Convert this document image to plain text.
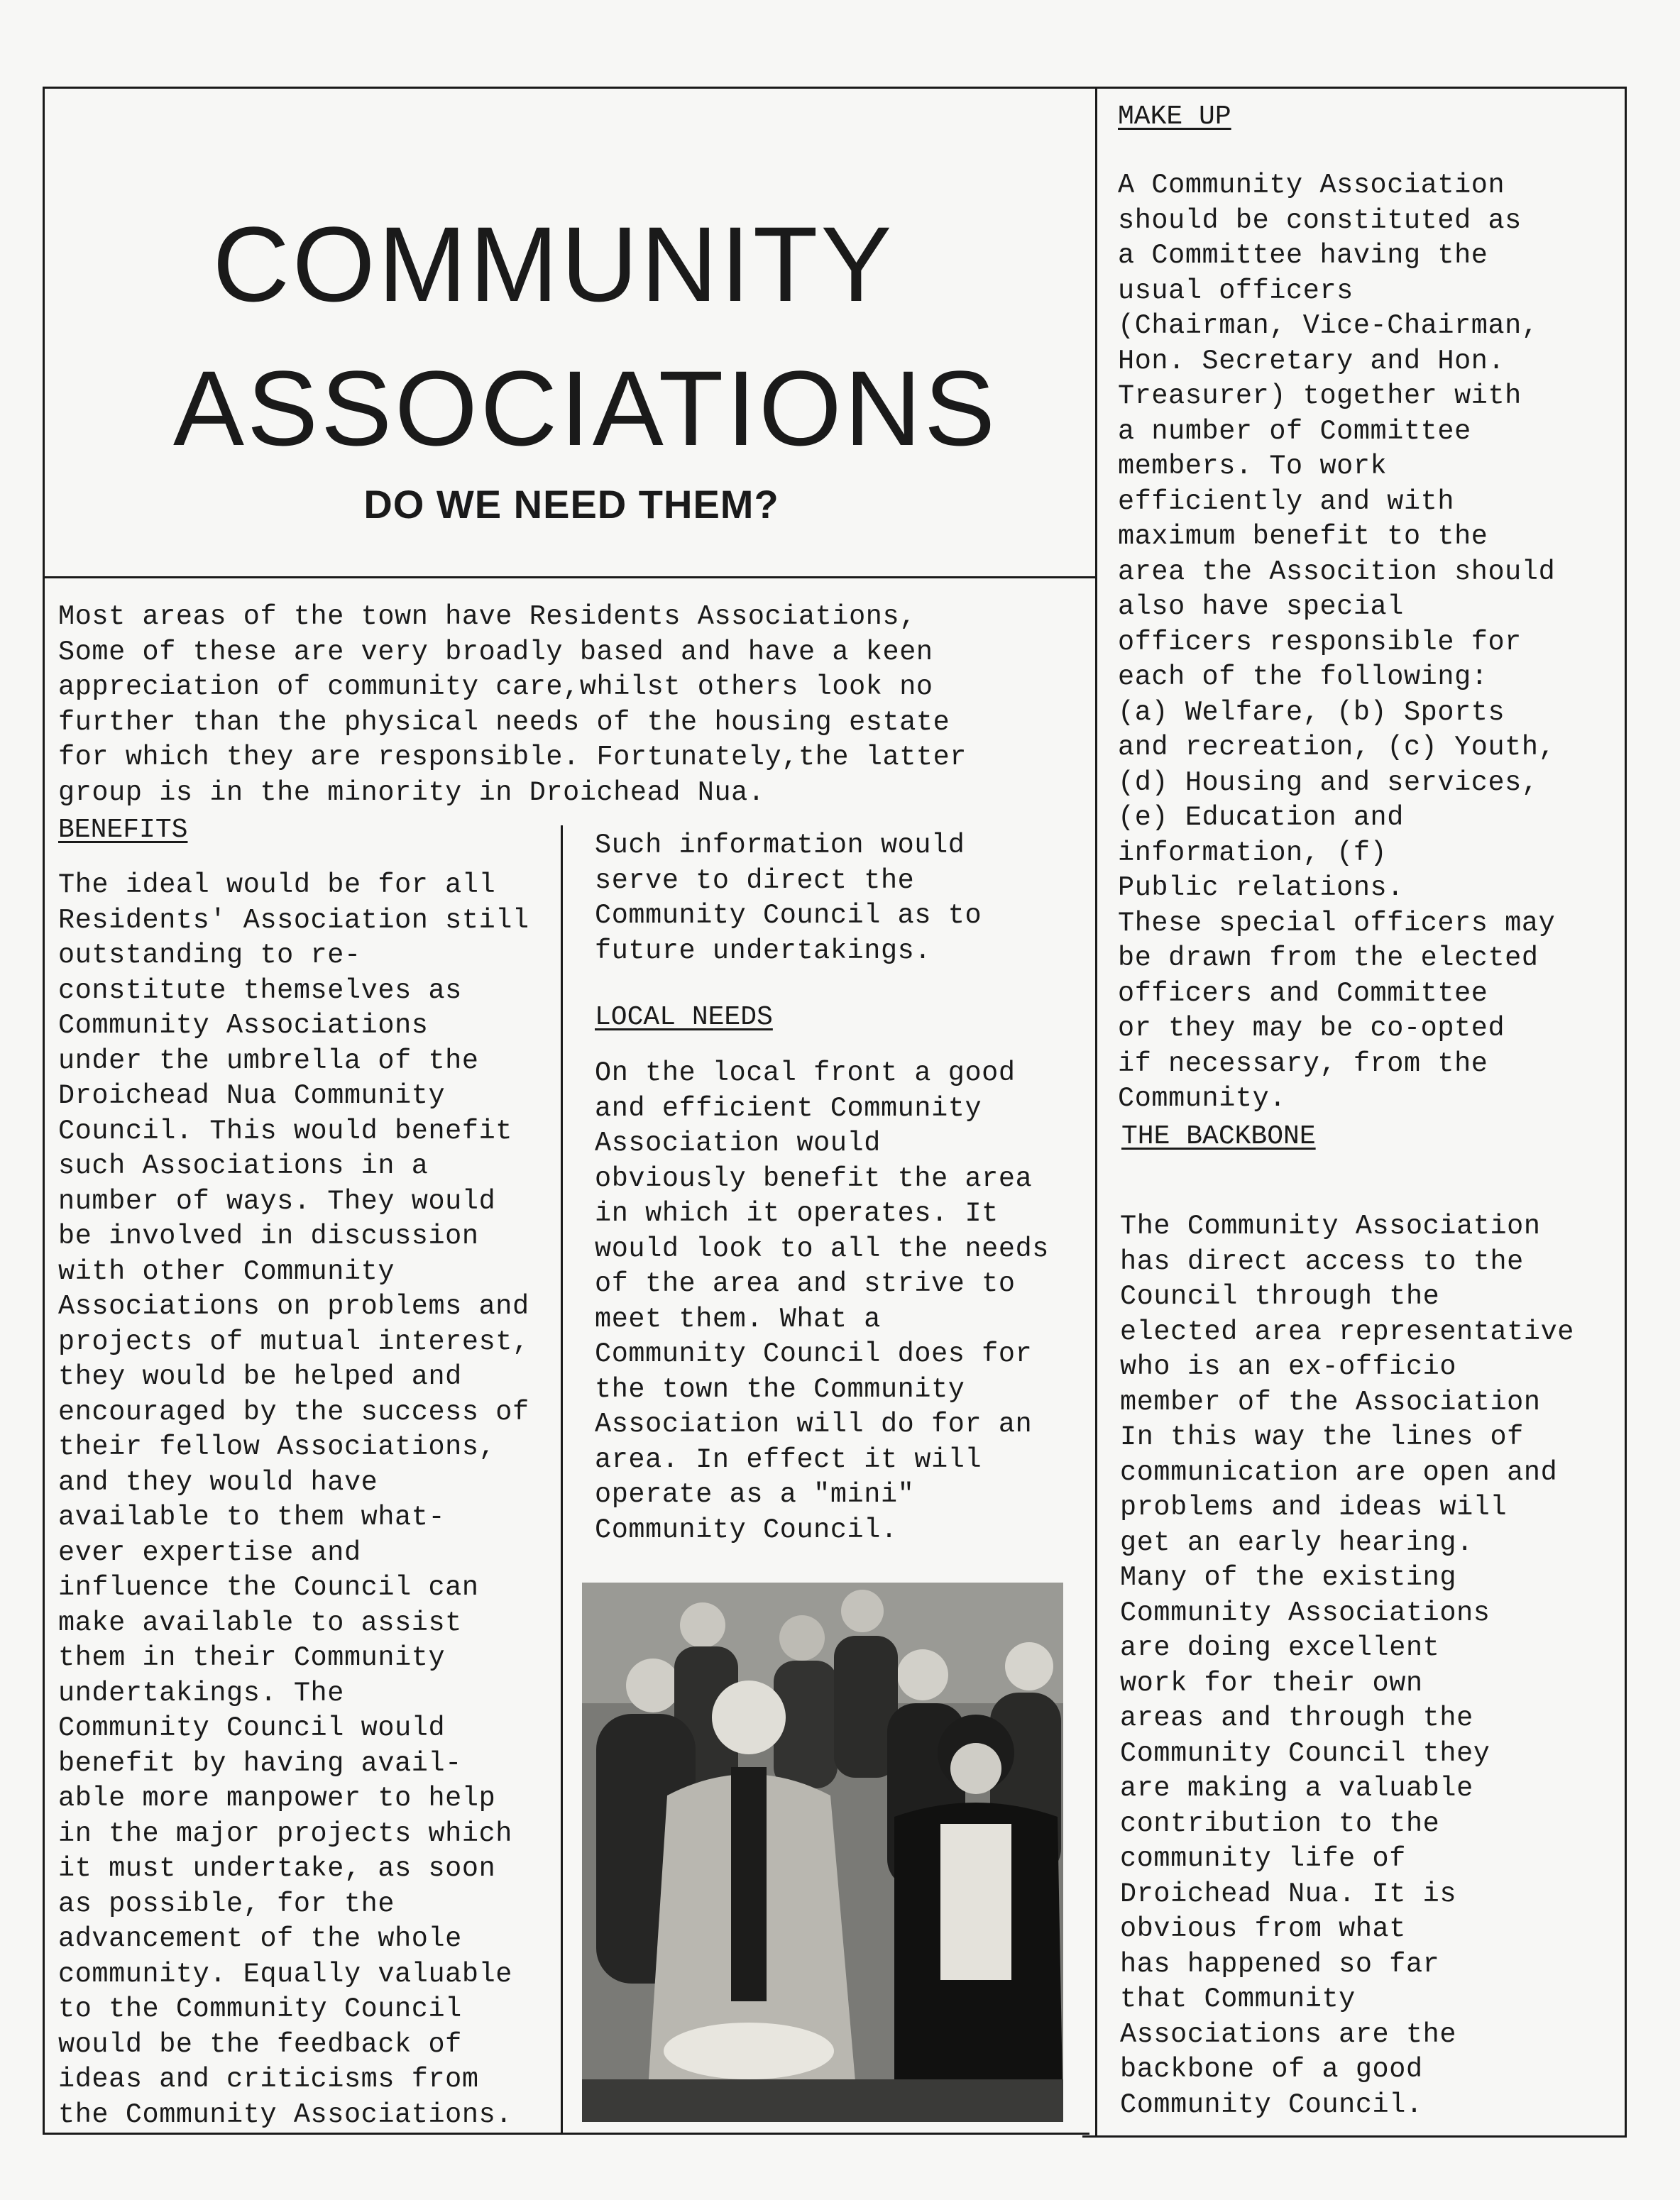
COMMUNITY
ASSOCIATIONS
DO WE NEED THEM?
Most areas of the town have Residents Associations,
Some of these are very broadly based and have a keen
appreciation of community care,whilst others look no
further than the physical needs of the housing estate
for which they are responsible. Fortunately,the latter
group is in the minority in Droichead Nua.
BENEFITS
The ideal would be for all
Residents' Association still
outstanding to re-
constitute themselves as
Community Associations
under the umbrella of the
Droichead Nua Community
Council. This would benefit
such Associations in a
number of ways. They would
be involved in discussion
with other Community
Associations on problems and
projects of mutual interest,
they would be helped and
encouraged by the success of
their fellow Associations,
and they would have
available to them what-
ever expertise and
influence the Council can
make available to assist
them in their Community
undertakings. The
Community Council would
benefit by having avail-
able more manpower to help
in the major projects which
it must undertake, as soon
as possible, for the
advancement of the whole
community. Equally valuable
to the Community Council
would be the feedback of
ideas and criticisms from
the Community Associations.
Such information would
serve to direct the
Community Council as to
future undertakings.
LOCAL NEEDS
On the local front a good
and efficient Community
Association would
obviously benefit the area
in which it operates. It
would look to all the needs
of the area and strive to
meet them. What a
Community Council does for
the town the Community
Association will do for an
area. In effect it will
operate as a "mini"
Community Council.
MAKE UP
A Community Association
should be constituted as
a Committee having the
usual officers
(Chairman, Vice-Chairman,
Hon. Secretary and Hon.
Treasurer) together with
a number of Committee
members. To work
efficiently and with
maximum benefit to the
area the Assocition should
also have special
officers responsible for
each of the following:
(a) Welfare, (b) Sports
and recreation, (c) Youth,
(d) Housing and services,
(e) Education and
information, (f)
Public relations.
These special officers may
be drawn from the elected
officers and Committee
or they may be co-opted
if necessary, from the
Community.
THE BACKBONE
The Community Association
has direct access to the
Council through the
elected area representative
who is an ex-officio
member of the Association
In this way the lines of
communication are open and
problems and ideas will
get an early hearing.
Many of the existing
Community Associations
are doing excellent
work for their own
areas and through the
Community Council they
are making a valuable
contribution to the
community life of
Droichead Nua. It is
obvious from what
has happened so far
that Community
Associations are the
backbone of a good
Community Council.
